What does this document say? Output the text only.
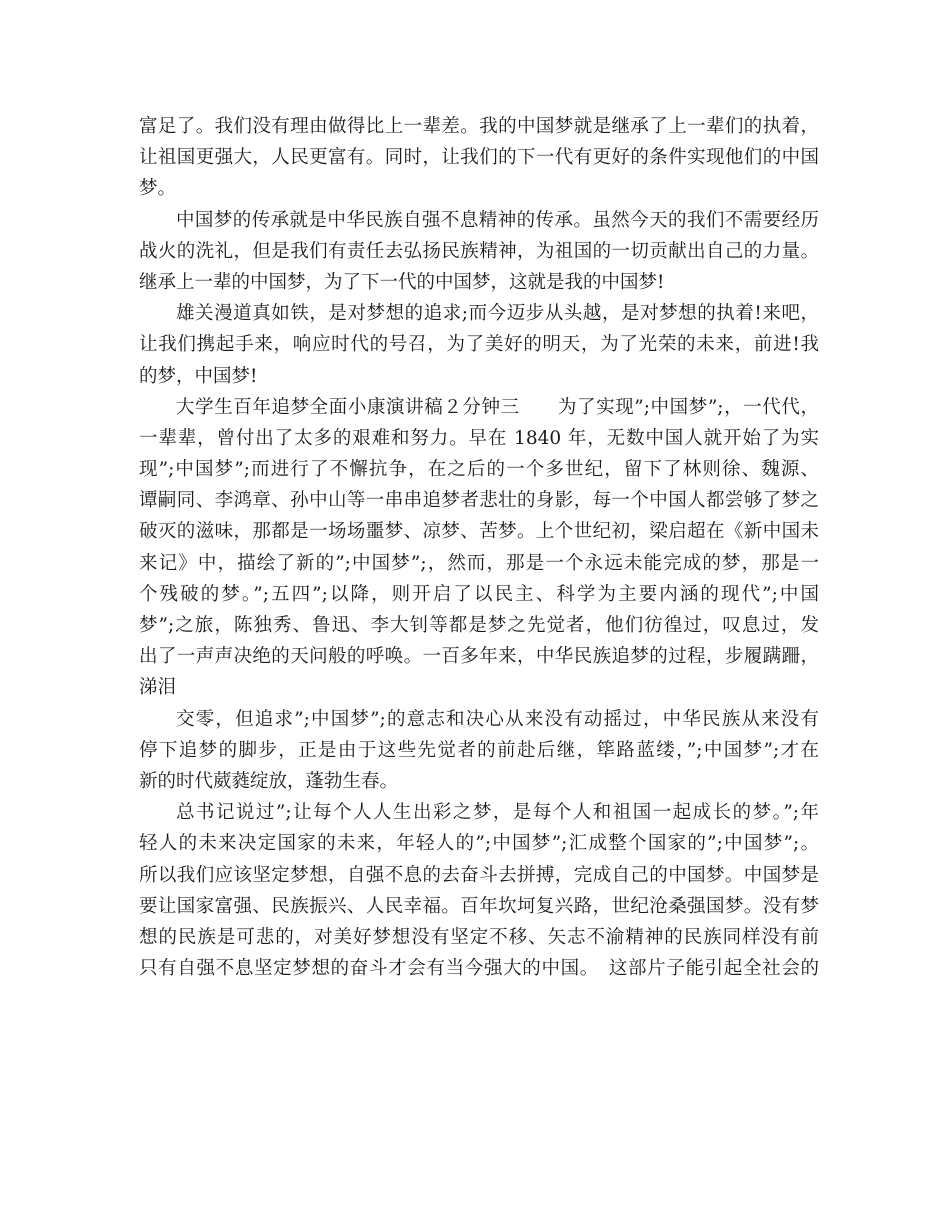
富足了。我们没有理由做得比上一辈差。我的中国梦就是继承了上一辈们的执着，
让祖国更强大，人民更富有。同时，让我们的下一代有更好的条件实现他们的中国
梦。
中国梦的传承就是中华民族自强不息精神的传承。虽然今天的我们不需要经历
战火的洗礼，但是我们有责任去弘扬民族精神，为祖国的一切贡献出自己的力量。
继承上一辈的中国梦，为了下一代的中国梦，这就是我的中国梦!
雄关漫道真如铁，是对梦想的追求;而今迈步从头越，是对梦想的执着!来吧，
让我们携起手来，响应时代的号召，为了美好的明天，为了光荣的未来，前进!我
的梦，中国梦!
大学生百年追梦全面小康演讲稿２分钟三　　为了实现”;中国梦”;，一代代，
一辈辈，曾付出了太多的艰难和努力。早在 1840 年，无数中国人就开始了为实
现”;中国梦”;而进行了不懈抗争，在之后的一个多世纪，留下了林则徐、魏源、
谭嗣同、李鸿章、孙中山等一串串追梦者悲壮的身影，每一个中国人都尝够了梦之
破灭的滋味，那都是一场场噩梦、凉梦、苦梦。上个世纪初，梁启超在《新中国未
来记》中，描绘了新的”;中国梦”;，然而，那是一个永远未能完成的梦，那是一
个残破的梦。”;五四”;以降，则开启了以民主、科学为主要内涵的现代”;中国
梦”;之旅，陈独秀、鲁迅、李大钊等都是梦之先觉者，他们彷徨过，叹息过，发
出了一声声决绝的天问般的呼唤。一百多年来，中华民族追梦的过程，步履蹒跚，
涕泪
交零，但追求”;中国梦”;的意志和决心从来没有动摇过，中华民族从来没有
停下追梦的脚步，正是由于这些先觉者的前赴后继，筚路蓝缕，”;中国梦”;才在
新的时代葳蕤绽放，蓬勃生春。
总书记说过”;让每个人人生出彩之梦，是每个人和祖国一起成长的梦。”;年
轻人的未来决定国家的未来，年轻人的”;中国梦”;汇成整个国家的”;中国梦”;。
所以我们应该坚定梦想，自强不息的去奋斗去拼搏，完成自己的中国梦。中国梦是
要让国家富强、民族振兴、人民幸福。百年坎坷复兴路，世纪沧桑强国梦。没有梦
想的民族是可悲的，对美好梦想没有坚定不移、矢志不渝精神的民族同样没有前
只有自强不息坚定梦想的奋斗才会有当今强大的中国。　这部片子能引起全社会的
